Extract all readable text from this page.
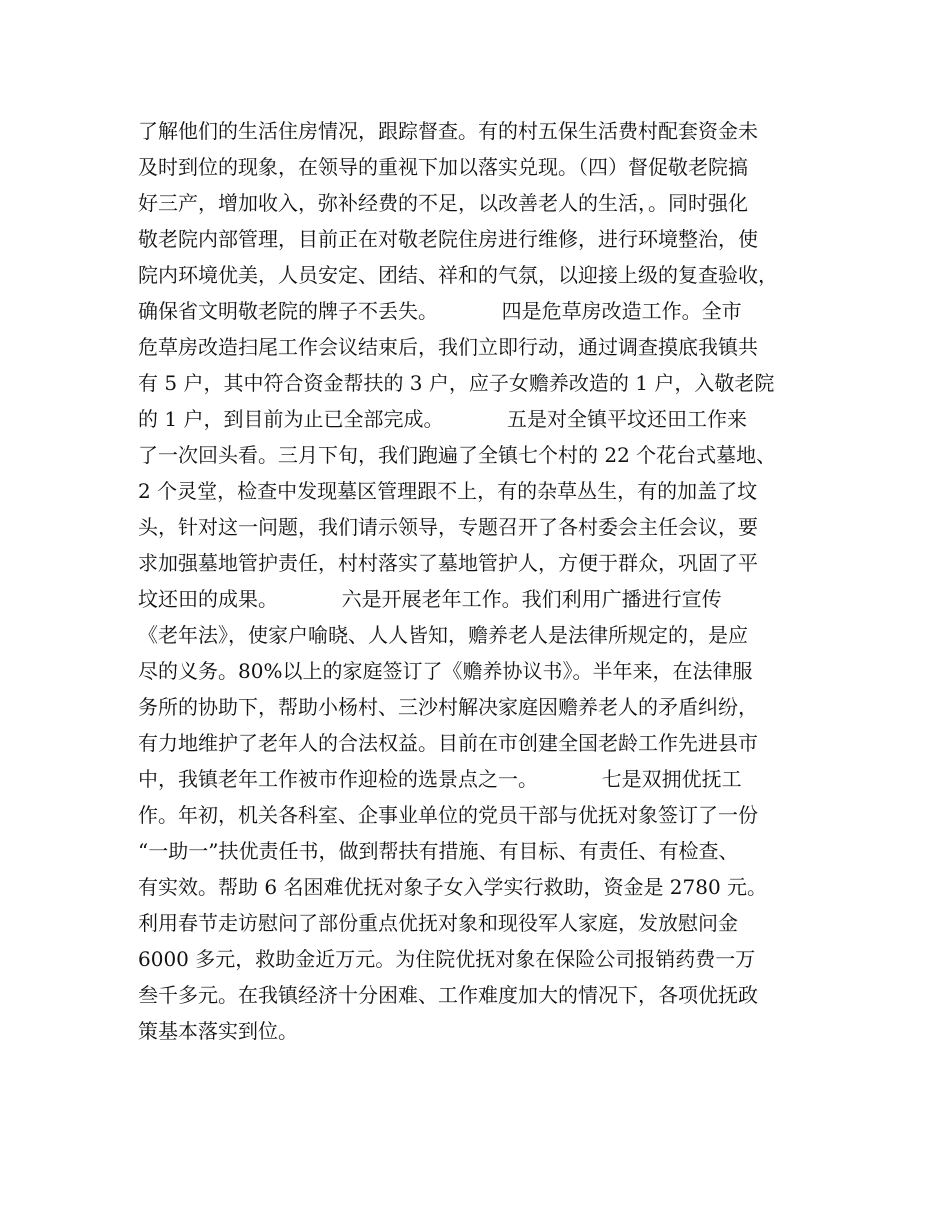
了解他们的生活住房情况，跟踪督查。有的村五保生活费村配套资金未
及时到位的现象，在领导的重视下加以落实兑现。（四）督促敬老院搞
好三产，增加收入，弥补经费的不足，以改善老人的生活，。同时强化
敬老院内部管理，目前正在对敬老院住房进行维修，进行环境整治，使
院内环境优美，人员安定、团结、祥和的气氛，以迎接上级的复查验收，
确保省文明敬老院的牌子不丢失。          四是危草房改造工作。全市
危草房改造扫尾工作会议结束后，我们立即行动，通过调查摸底我镇共
有 5 户，其中符合资金帮扶的 3 户，应子女赡养改造的 1 户，入敬老院
的 1 户，到目前为止已全部完成。          五是对全镇平坟还田工作来
了一次回头看。三月下旬，我们跑遍了全镇七个村的 22 个花台式墓地、
2 个灵堂，检查中发现墓区管理跟不上，有的杂草丛生，有的加盖了坟
头，针对这一问题，我们请示领导，专题召开了各村委会主任会议，要
求加强墓地管护责任，村村落实了墓地管护人，方便于群众，巩固了平
坟还田的成果。          六是开展老年工作。我们利用广播进行宣传
《老年法》，使家户喻晓、人人皆知，赡养老人是法律所规定的，是应
尽的义务。80%以上的家庭签订了《赡养协议书》。半年来，在法律服
务所的协助下，帮助小杨村、三沙村解决家庭因赡养老人的矛盾纠纷，
有力地维护了老年人的合法权益。目前在市创建全国老龄工作先进县市
中，我镇老年工作被市作迎检的选景点之一。          七是双拥优抚工
作。年初，机关各科室、企事业单位的党员干部与优抚对象签订了一份
“一助一”扶优责任书，做到帮扶有措施、有目标、有责任、有检查、
有实效。帮助 6 名困难优抚对象子女入学实行救助，资金是 2780 元。
利用春节走访慰问了部份重点优抚对象和现役军人家庭，发放慰问金
6000 多元，救助金近万元。为住院优抚对象在保险公司报销药费一万
叁千多元。在我镇经济十分困难、工作难度加大的情况下，各项优抚政
策基本落实到位。
